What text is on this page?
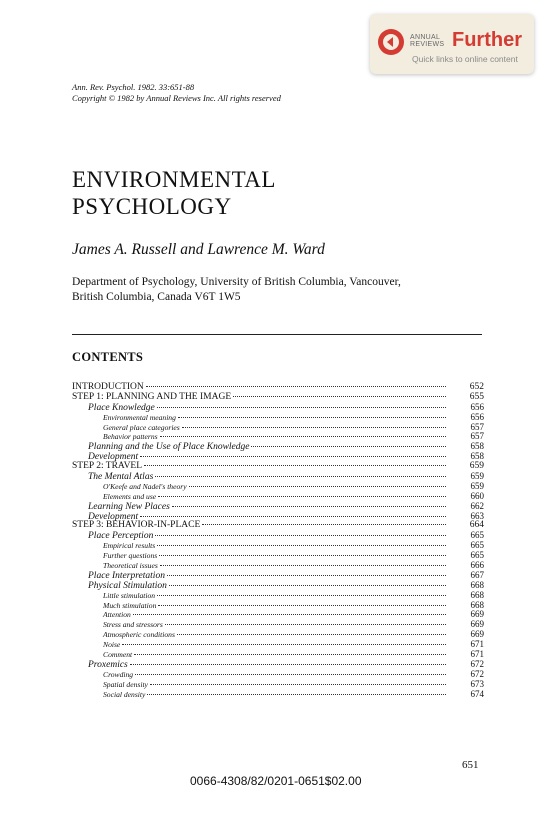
ANNUAL
REVIEWS Further
Quick links to online content
Ann. Rev. Psychol. 1982. 33:651-88
Copyright © 1982 by Annual Reviews Inc. All rights reserved
ENVIRONMENTAL
PSYCHOLOGY
James A. Russell and Lawrence M. Ward
Department of Psychology, University of British Columbia, Vancouver,
British Columbia, Canada V6T 1W5
CONTENTS
INTRODUCTION	652
STEP 1: PLANNING AND THE IMAGE	655
Place Knowledge	656
Environmental meaning	656
General place categories	657
Behavior patterns	657
Planning and the Use of Place Knowledge	658
Development	658
STEP 2: TRAVEL	659
The Mental Atlas	659
O'Keefe and Nadel's theory	659
Elements and use	660
Learning New Places	662
Development	663
STEP 3: BEHAVIOR-IN-PLACE	664
Place Perception	665
Empirical results	665
Further questions	665
Theoretical issues	666
Place Interpretation	667
Physical Stimulation	668
Little stimulation	668
Much stimulation	668
Attention	669
Stress and stressors	669
Atmospheric conditions	669
Noise	671
Comment	671
Proxemics	672
Crowding	672
Spatial density	673
Social density	674
651
0066-4308/82/0201-0651$02.00
